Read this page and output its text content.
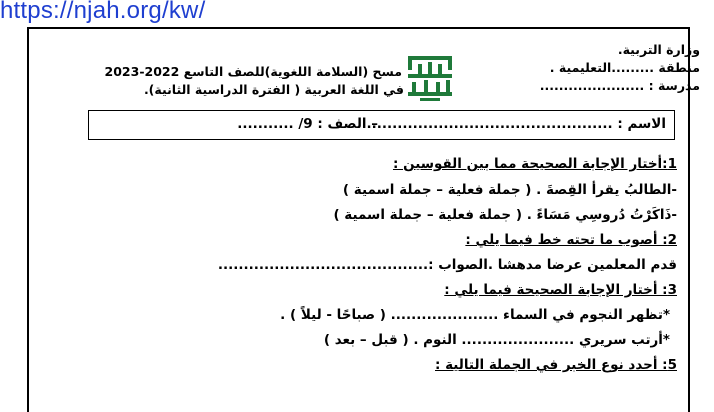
https://njah.org/kw/
وزارة التربية.
منطقة .........التعليمية .
مدرسة : ......................
مسح (السلامة اللغوية)للصف التاسع 2022-2023
في اللغة العربية ( الفترة الدراسية الثانية).
الاسم : ................................................
– الصف : 9/ ...........
1:أختار الإجابة الصحيحة مما بين القوسين :
-الطالبُ يقرأ القِصةَ . ( جملة فعلية – جملة اسمية )
-ذَاكَرْتُ دُروسِي مَسَاءً . ( جملة فعلية – جملة اسمية )
2: أصوب ما تحته خط فيما يلي :
قدم المعلمين عرضا مدهشا .الصواب :.........................................
3: أختار الإجابة الصحيحة فيما يلي :
*تظهر النجوم في السماء ..................... ( صباحًا - ليلاً ) .
*أرتب سريري ...................... النوم . ( قبل – بعد )
5: أحدد نوع الخبر في الجملة التالية :
